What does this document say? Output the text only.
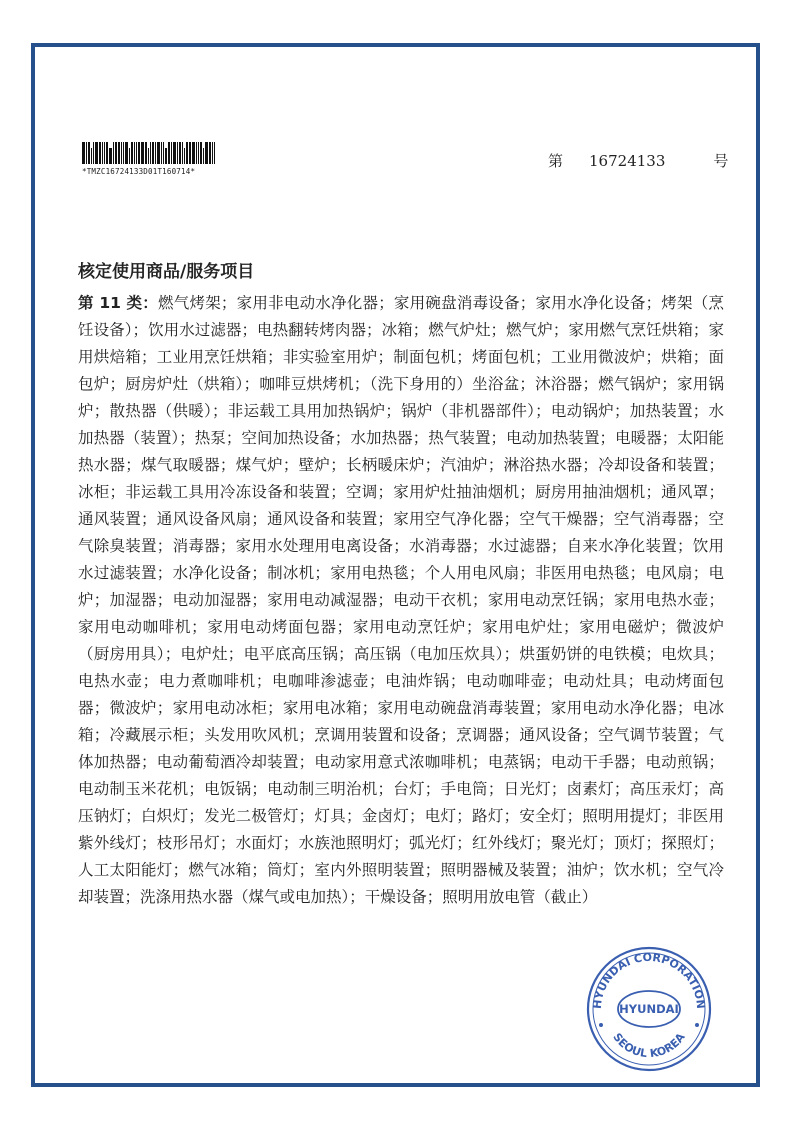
*TMZC16724133D01T160714*
第 16724133	号
核定使用商品/服务项目
第 11 类：燃气烤架；家用非电动水净化器；家用碗盘消毒设备；家用水净化设备；烤架（烹饪设备）；饮用水过滤器；电热翻转烤肉器；冰箱；燃气炉灶；燃气炉；家用燃气烹饪烘箱；家用烘焙箱；工业用烹饪烘箱；非实验室用炉；制面包机；烤面包机；工业用微波炉；烘箱；面包炉；厨房炉灶（烘箱）；咖啡豆烘烤机；（洗下身用的）坐浴盆；沐浴器；燃气锅炉；家用锅炉；散热器（供暖）；非运载工具用加热锅炉；锅炉（非机器部件）；电动锅炉；加热装置；水加热器（装置）；热泵；空间加热设备；水加热器；热气装置；电动加热装置；电暖器；太阳能热水器；煤气取暖器；煤气炉；壁炉；长柄暖床炉；汽油炉；淋浴热水器；冷却设备和装置；冰柜；非运载工具用冷冻设备和装置；空调；家用炉灶抽油烟机；厨房用抽油烟机；通风罩；通风装置；通风设备风扇；通风设备和装置；家用空气净化器；空气干燥器；空气消毒器；空气除臭装置；消毒器；家用水处理用电离设备；水消毒器；水过滤器；自来水净化装置；饮用水过滤装置；水净化设备；制冰机；家用电热毯；个人用电风扇；非医用电热毯；电风扇；电炉；加湿器；电动加湿器；家用电动减湿器；电动干衣机；家用电动烹饪锅；家用电热水壶；家用电动咖啡机；家用电动烤面包器；家用电动烹饪炉；家用电炉灶；家用电磁炉；微波炉（厨房用具）；电炉灶；电平底高压锅；高压锅（电加压炊具）；烘蛋奶饼的电铁模；电炊具；电热水壶；电力煮咖啡机；电咖啡渗滤壶；电油炸锅；电动咖啡壶；电动灶具；电动烤面包器；微波炉；家用电动冰柜；家用电冰箱；家用电动碗盘消毒装置；家用电动水净化器；电冰箱；冷藏展示柜；头发用吹风机；烹调用装置和设备；烹调器；通风设备；空气调节装置；气体加热器；电动葡萄酒冷却装置；电动家用意式浓咖啡机；电蒸锅；电动干手器；电动煎锅；电动制玉米花机；电饭锅；电动制三明治机；台灯；手电筒；日光灯；卤素灯；高压汞灯；高压钠灯；白炽灯；发光二极管灯；灯具；金卤灯；电灯；路灯；安全灯；照明用提灯；非医用紫外线灯；枝形吊灯；水面灯；水族池照明灯；弧光灯；红外线灯；聚光灯；顶灯；探照灯；人工太阳能灯；燃气冰箱；筒灯；室内外照明装置；照明器械及装置；油炉；饮水机；空气冷却装置；洗涤用热水器（煤气或电加热）；干燥设备；照明用放电管（截止）
HYUNDAI CORPORATION
HYUNDAI
SEOUL KOREA
